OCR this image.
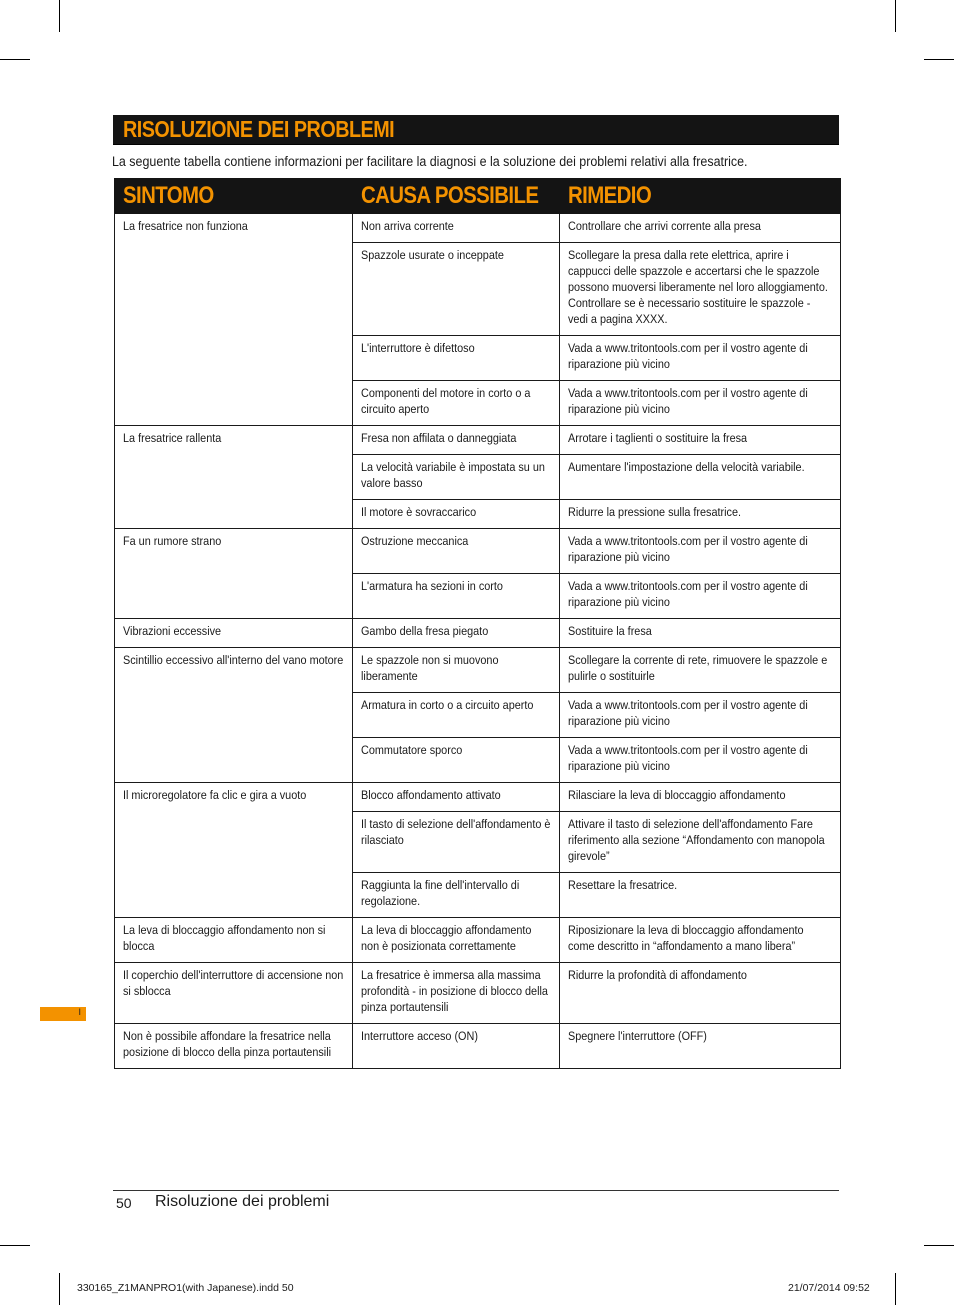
RISOLUZIONE DEI PROBLEMI
La seguente tabella contiene informazioni per facilitare la diagnosi e la soluzione dei problemi relativi alla fresatrice.
SINTOMO	CAUSA POSSIBILE	RIMEDIO

La fresatrice non funziona	Non arriva corrente	Controllare che arrivi corrente alla presa

	Spazzole usurate o inceppate	Scollegare la presa dalla rete elettrica, aprire i cappucci delle spazzole e accertarsi che le spazzole possono muoversi liberamente nel loro alloggiamento. Controllare se è necessario sostituire le spazzole - vedi a pagina XXXX.

	L'interruttore è difettoso	Vada a www.tritontools.com per il vostro agente di riparazione più vicino

	Componenti del motore in corto o a circuito aperto	Vada a www.tritontools.com per il vostro agente di riparazione più vicino

La fresatrice rallenta	Fresa non affilata o danneggiata	Arrotare i taglienti o sostituire la fresa

	La velocità variabile è impostata su un valore basso	Aumentare l'impostazione della velocità variabile.

	Il motore è sovraccarico	Ridurre la pressione sulla fresatrice.

Fa un rumore strano	Ostruzione meccanica	Vada a www.tritontools.com per il vostro agente di riparazione più vicino

	L'armatura ha sezioni in corto	Vada a www.tritontools.com per il vostro agente di riparazione più vicino

Vibrazioni eccessive	Gambo della fresa piegato	Sostituire la fresa

Scintillio eccessivo all'interno del vano motore	Le spazzole non si muovono liberamente	Scollegare la corrente di rete, rimuovere le spazzole e pulirle o sostituirle

	Armatura in corto o a circuito aperto	Vada a www.tritontools.com per il vostro agente di riparazione più vicino

	Commutatore sporco	Vada a www.tritontools.com per il vostro agente di riparazione più vicino

Il microregolatore fa clic e gira a vuoto	Blocco affondamento attivato	Rilasciare la leva di bloccaggio affondamento

	Il tasto di selezione dell'affondamento è rilasciato	Attivare il tasto di selezione dell'affondamento Fare riferimento alla sezione “Affondamento con manopola girevole”

	Raggiunta la fine dell'intervallo di regolazione.	Resettare la fresatrice.

La leva di bloccaggio affondamento non si blocca	La leva di bloccaggio affondamento non è posizionata correttamente	Riposizionare la leva di bloccaggio affondamento come descritto in “affondamento a mano libera”

Il coperchio dell'interruttore di accensione non si sblocca	La fresatrice è immersa alla massima profondità - in posizione di blocco della pinza portautensili	Ridurre la profondità di affondamento

Non è possibile affondare la fresatrice nella posizione di blocco della pinza portautensili	Interruttore acceso (ON)	Spegnere l'interruttore (OFF)
I
50 Risoluzione dei problemi
330165_Z1MANPRO1(with Japanese).indd 50	21/07/2014 09:52
